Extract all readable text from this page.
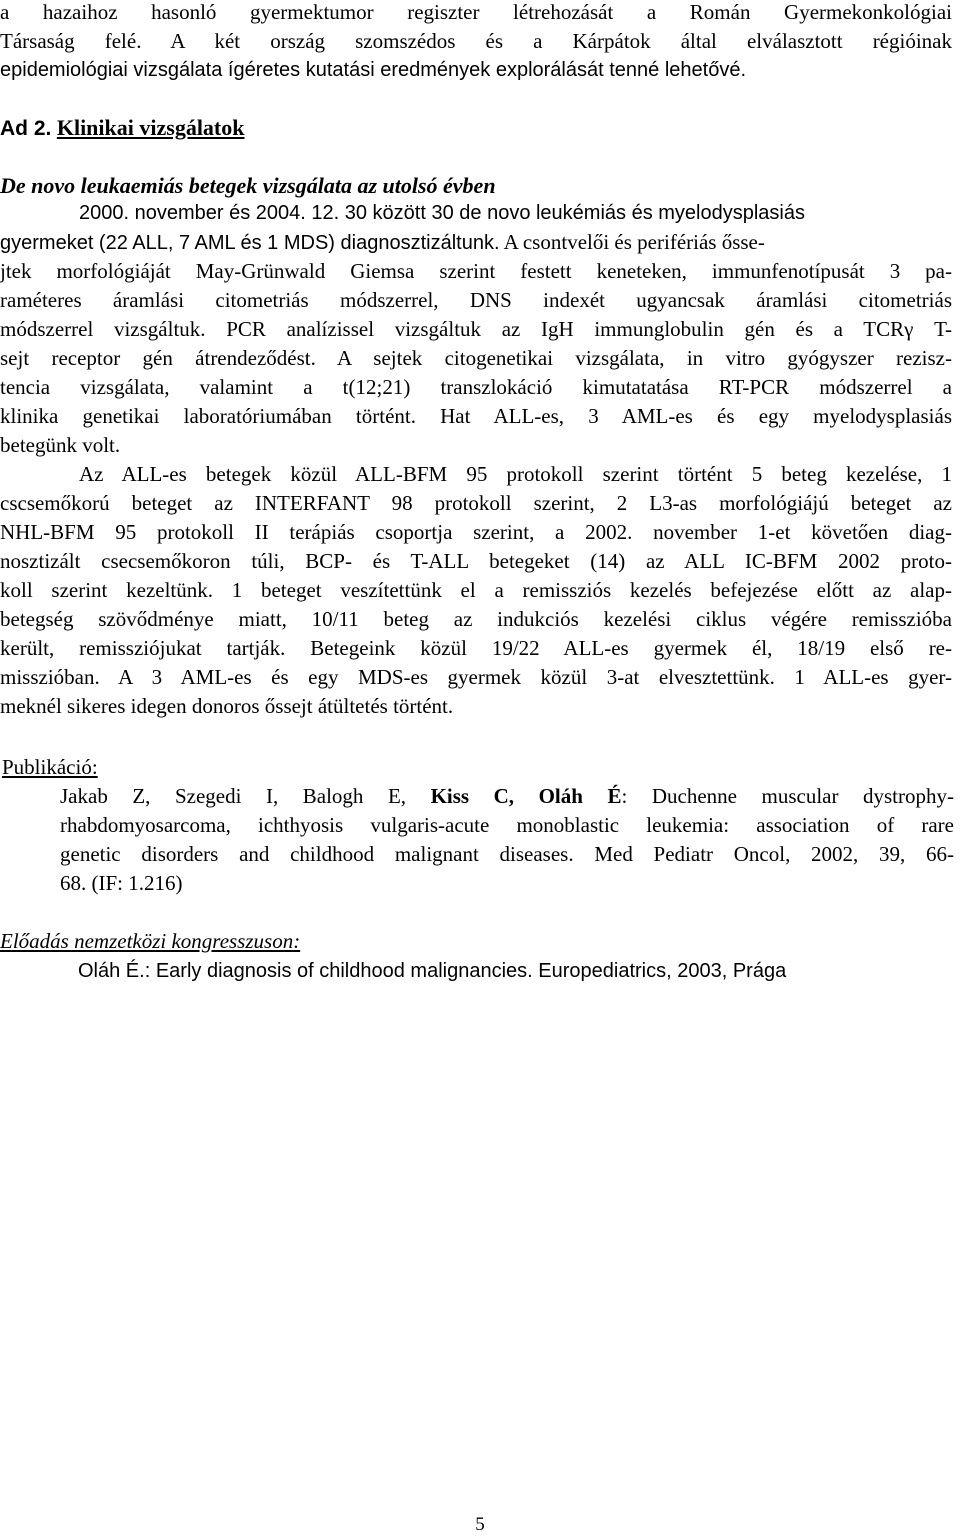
a hazaihoz hasonló gyermektumor regiszter létrehozását a Román Gyermekonkológiai
Társaság felé. A két ország szomszédos és a Kárpátok által elválasztott régióinak
epidemiológiai vizsgálata ígéretes kutatási eredmények explorálását tenné lehetővé.
Ad 2. Klinikai vizsgálatok
De novo leukaemiás betegek vizsgálata az utolsó évben
2000. november és 2004. 12. 30 között 30 de novo leukémiás és myelodysplasiás
gyermeket (22 ALL, 7 AML és 1 MDS) diagnosztizáltunk. A csontvelői és perifériás ősse-
jtek morfológiáját May-Grünwald Giemsa szerint festett keneteken, immunfenotípusát 3 pa-
raméteres áramlási citometriás módszerrel, DNS indexét ugyancsak áramlási citometriás
módszerrel vizsgáltuk. PCR analízissel vizsgáltuk az IgH immunglobulin gén és a TCRγ T-
sejt receptor gén átrendeződést. A sejtek citogenetikai vizsgálata, in vitro gyógyszer rezisz-
tencia vizsgálata, valamint a t(12;21) transzlokáció kimutatatása RT-PCR módszerrel a
klinika genetikai laboratóriumában történt. Hat ALL-es, 3 AML-es és egy myelodysplasiás
betegünk volt.
Az ALL-es betegek közül ALL-BFM 95 protokoll szerint történt 5 beteg kezelése, 1
cscsemőkorú beteget az INTERFANT 98 protokoll szerint, 2 L3-as morfológiájú beteget az
NHL-BFM 95 protokoll II terápiás csoportja szerint, a 2002. november 1-et követően diag-
nosztizált csecsemőkoron túli, BCP- és T-ALL betegeket (14) az ALL IC-BFM 2002 proto-
koll szerint kezeltünk. 1 beteget veszítettünk el a remissziós kezelés befejezése előtt az alap-
betegség szövődménye miatt, 10/11 beteg az indukciós kezelési ciklus végére remisszióba
került, remissziójukat tartják. Betegeink közül 19/22 ALL-es gyermek él, 18/19 első re-
misszióban. A 3 AML-es és egy MDS-es gyermek közül 3-at elvesztettünk. 1 ALL-es gyer-
meknél sikeres idegen donoros őssejt átültetés történt.
Publikáció:
Jakab Z, Szegedi I, Balogh E, Kiss C, Oláh É: Duchenne muscular dystrophy-
rhabdomyosarcoma, ichthyosis vulgaris-acute monoblastic leukemia: association of rare
genetic disorders and childhood malignant diseases. Med Pediatr Oncol, 2002, 39, 66-
68. (IF: 1.216)
Előadás nemzetközi kongresszuson:
Oláh É.: Early diagnosis of childhood malignancies. Europediatrics, 2003, Prága
5
